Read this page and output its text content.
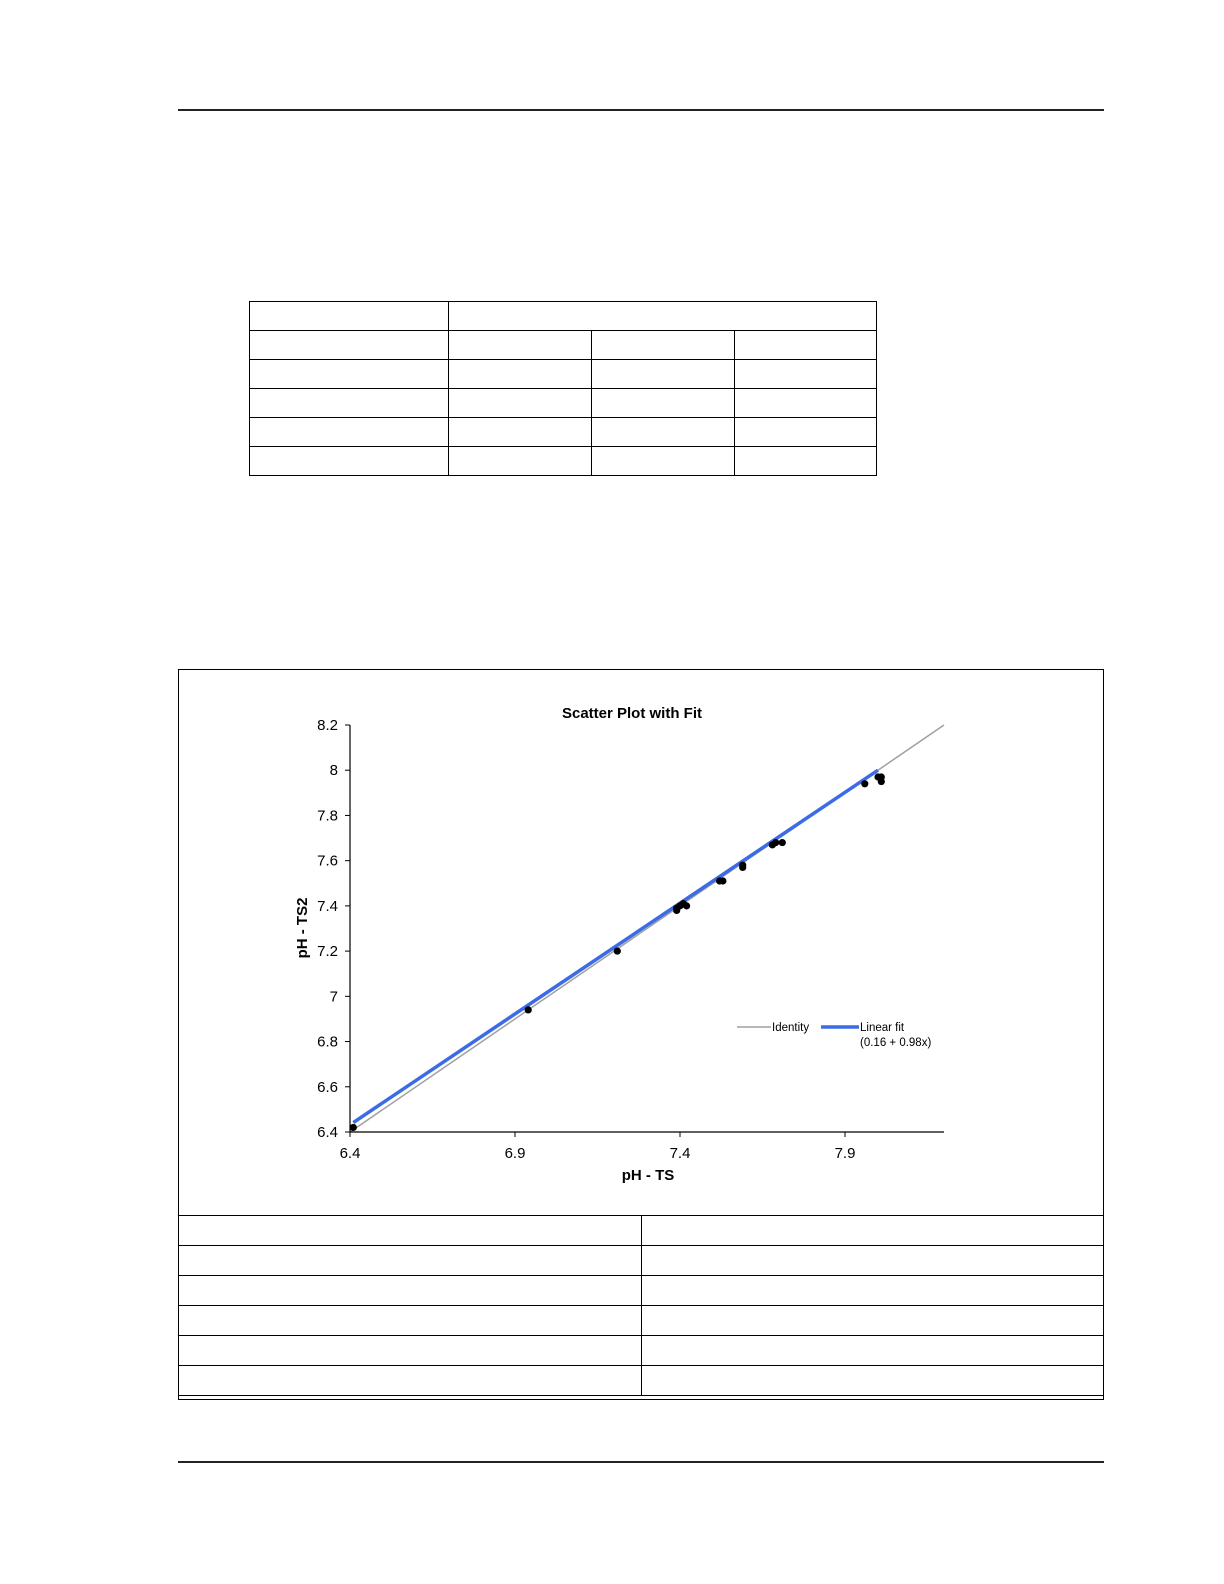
Scatter Plot with Fit
8.2
8
7.8
7.6
7.4
7.2
7
6.8
6.6
6.4
6.4	6.9	7.4	7.9
pH - TS
pH - TS2
Identity	Linear fit
(0.16 + 0.98x)
